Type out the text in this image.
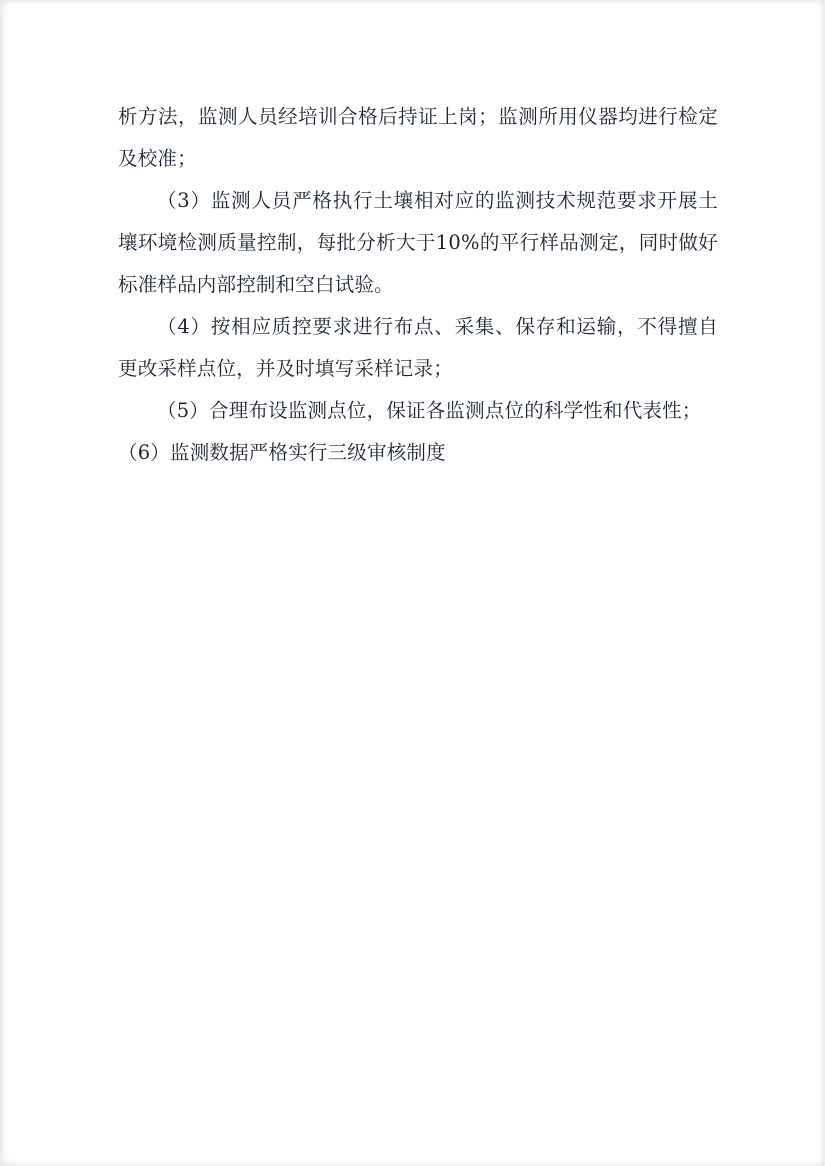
析方法，监测人员经培训合格后持证上岗；监测所用仪器均进行检定及校准；

（3）监测人员严格执行土壤相对应的监测技术规范要求开展土壤环境检测质量控制，每批分析大于10%的平行样品测定，同时做好标准样品内部控制和空白试验。

（4）按相应质控要求进行布点、采集、保存和运输，不得擅自更改采样点位，并及时填写采样记录；

（5）合理布设监测点位，保证各监测点位的科学性和代表性；

（6）监测数据严格实行三级审核制度
